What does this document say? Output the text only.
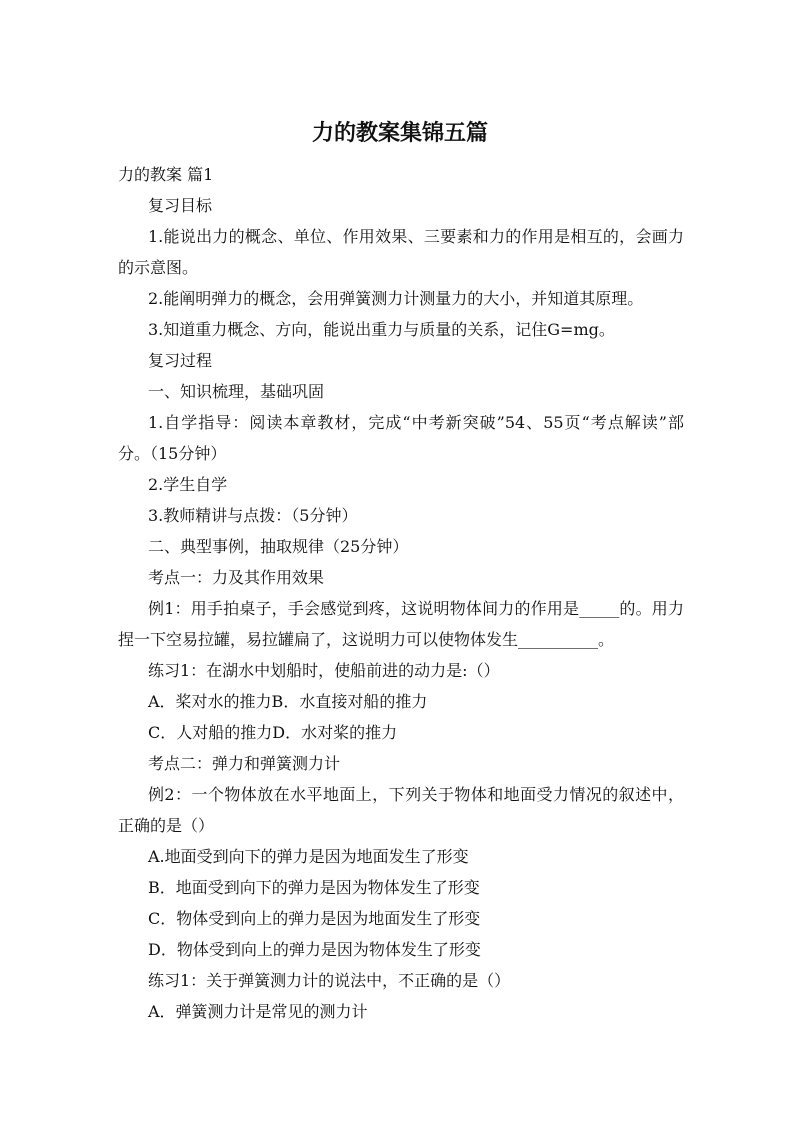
力的教案集锦五篇

力的教案 篇1

复习目标

1.能说出力的概念、单位、作用效果、三要素和力的作用是相互的，会画力的示意图。

2.能阐明弹力的概念，会用弹簧测力计测量力的大小，并知道其原理。

3.知道重力概念、方向，能说出重力与质量的关系，记住G=mg。

复习过程

一、知识梳理，基础巩固

1.自学指导：阅读本章教材，完成“中考新突破”54、55页“考点解读”部分。（15分钟）

2.学生自学

3.教师精讲与点拨：（5分钟）

二、典型事例，抽取规律（25分钟）

考点一：力及其作用效果

例1：用手拍桌子，手会感觉到疼，这说明物体间力的作用是_____的。用力捏一下空易拉罐，易拉罐扁了，这说明力可以使物体发生__________。

练习1：在湖水中划船时，使船前进的动力是:（）

A．桨对水的推力B．水直接对船的推力

C．人对船的推力D．水对桨的推力

考点二：弹力和弹簧测力计

例2：一个物体放在水平地面上，下列关于物体和地面受力情况的叙述中，正确的是（）

A.地面受到向下的弹力是因为地面发生了形变

B．地面受到向下的弹力是因为物体发生了形变

C．物体受到向上的弹力是因为地面发生了形变

D．物体受到向上的弹力是因为物体发生了形变

练习1：关于弹簧测力计的说法中，不正确的是（）

A．弹簧测力计是常见的测力计
